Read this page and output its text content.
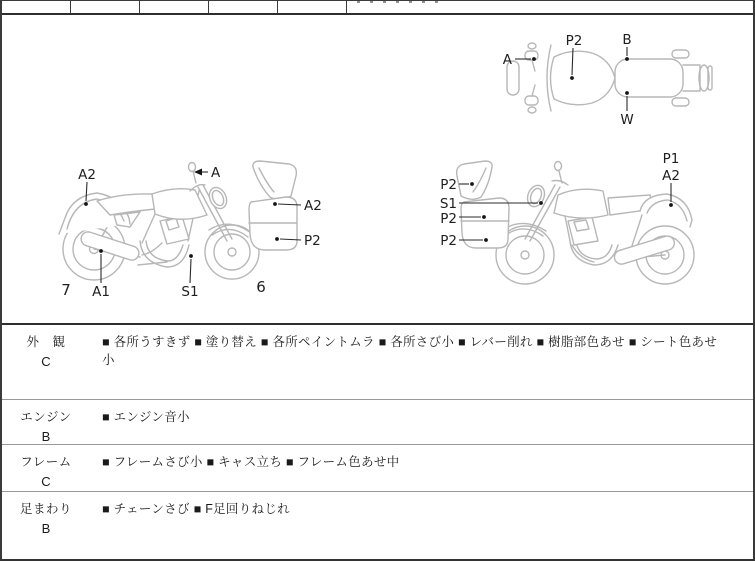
A
P2	B
W
A2	A
A2
P2
A1	S1
7	6
P2
S1
P2
P2
P1
A2
外　観
C
■ 各所うすきず ■ 塗り替え ■ 各所ペイントムラ ■ 各所さび小 ■ レバー削れ ■ 樹脂部色あせ ■ シート色あせ小
エンジン
B
■ エンジン音小
フレーム
C
■ フレームさび小 ■ キャス立ち ■ フレーム色あせ中
足まわり
B
■ チェーンさび ■ F足回りねじれ
